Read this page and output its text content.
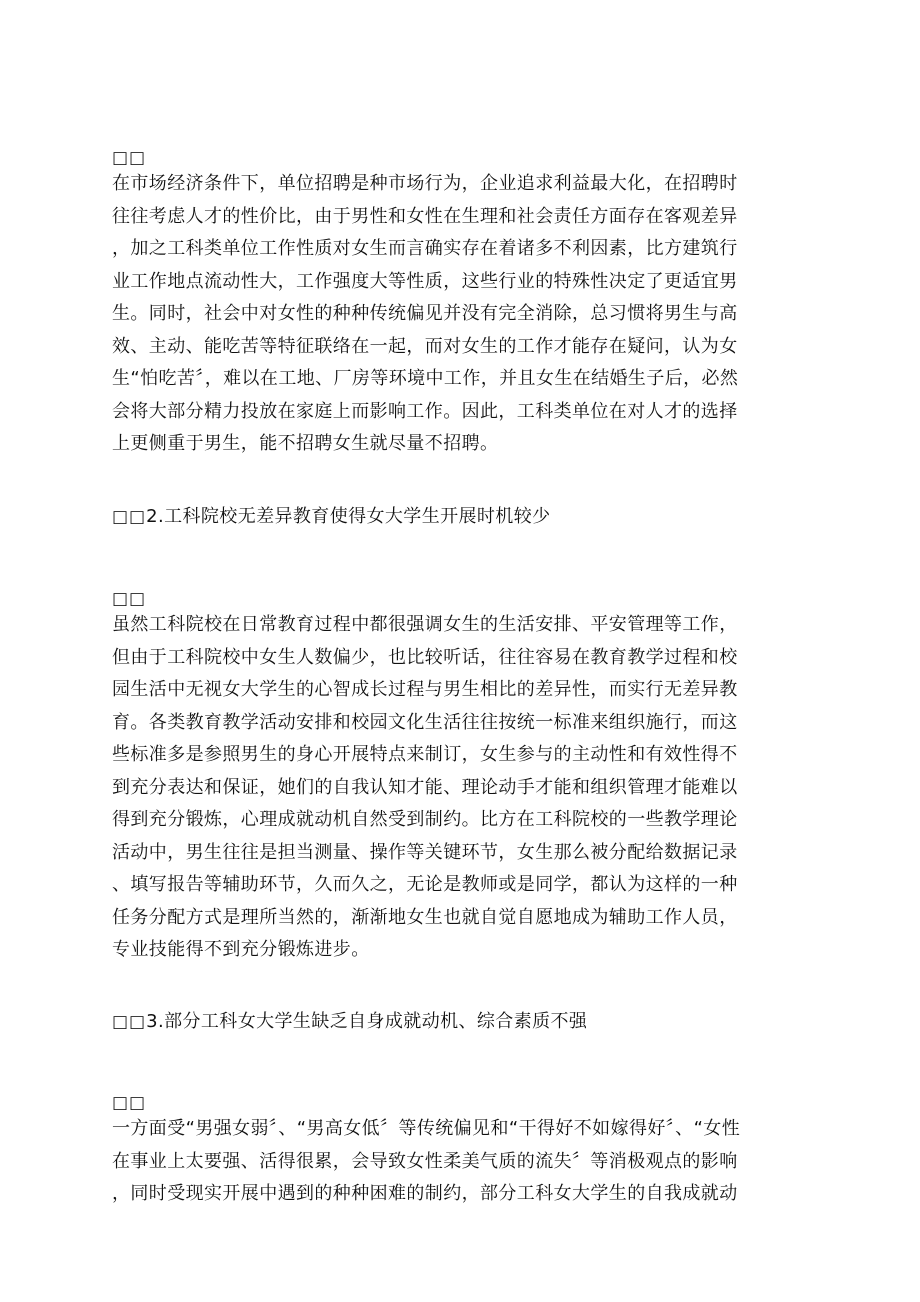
□□
在市场经济条件下，单位招聘是种市场行为，企业追求利益最大化，在招聘时
往往考虑人才的性价比，由于男性和女性在生理和社会责任方面存在客观差异
，加之工科类单位工作性质对女生而言确实存在着诸多不利因素，比方建筑行
业工作地点流动性大，工作强度大等性质，这些行业的特殊性决定了更适宜男
生。同时，社会中对女性的种种传统偏见并没有完全消除，总习惯将男生与高
效、主动、能吃苦等特征联络在一起，而对女生的工作才能存在疑问，认为女
生“怕吃苦〞，难以在工地、厂房等环境中工作，并且女生在结婚生子后，必然
会将大部分精力投放在家庭上而影响工作。因此，工科类单位在对人才的选择
上更侧重于男生，能不招聘女生就尽量不招聘。
□□2.工科院校无差异教育使得女大学生开展时机较少
□□
虽然工科院校在日常教育过程中都很强调女生的生活安排、平安管理等工作，
但由于工科院校中女生人数偏少，也比较听话，往往容易在教育教学过程和校
园生活中无视女大学生的心智成长过程与男生相比的差异性，而实行无差异教
育。各类教育教学活动安排和校园文化生活往往按统一标准来组织施行，而这
些标准多是参照男生的身心开展特点来制订，女生参与的主动性和有效性得不
到充分表达和保证，她们的自我认知才能、理论动手才能和组织管理才能难以
得到充分锻炼，心理成就动机自然受到制约。比方在工科院校的一些教学理论
活动中，男生往往是担当测量、操作等关键环节，女生那么被分配给数据记录
、填写报告等辅助环节，久而久之，无论是教师或是同学，都认为这样的一种
任务分配方式是理所当然的，渐渐地女生也就自觉自愿地成为辅助工作人员，
专业技能得不到充分锻炼进步。
□□3.部分工科女大学生缺乏自身成就动机、综合素质不强
□□
一方面受“男强女弱〞、“男高女低〞等传统偏见和“干得好不如嫁得好〞、“女性
在事业上太要强、活得很累，会导致女性柔美气质的流失〞等消极观点的影响
，同时受现实开展中遇到的种种困难的制约，部分工科女大学生的自我成就动
